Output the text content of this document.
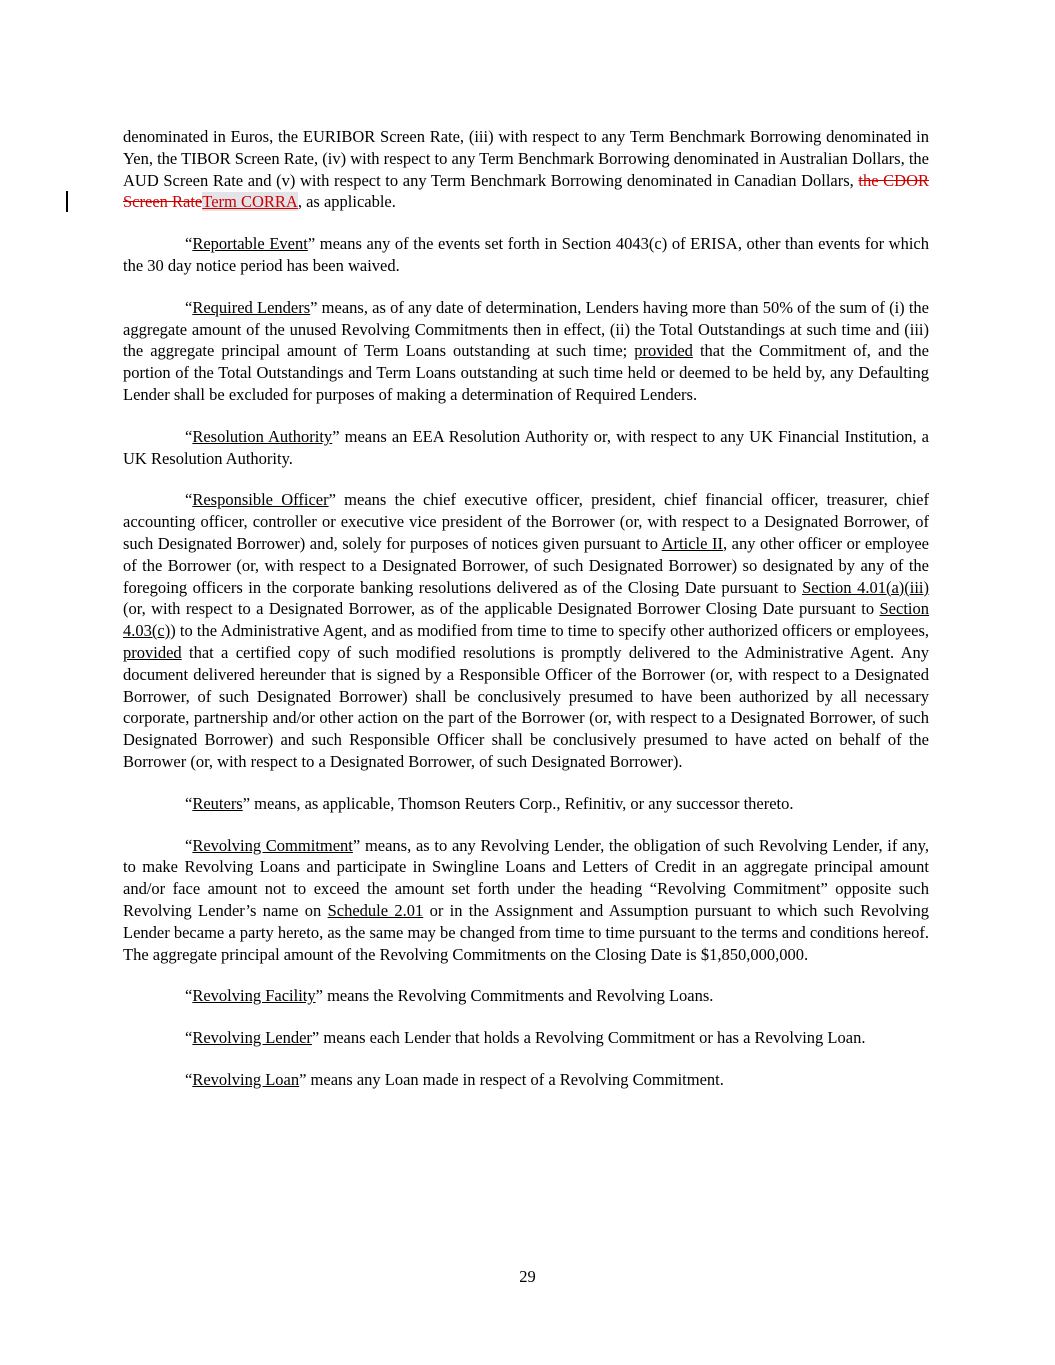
denominated in Euros, the EURIBOR Screen Rate, (iii) with respect to any Term Benchmark Borrowing denominated in Yen, the TIBOR Screen Rate, (iv) with respect to any Term Benchmark Borrowing denominated in Australian Dollars, the AUD Screen Rate and (v) with respect to any Term Benchmark Borrowing denominated in Canadian Dollars, the CDOR Screen RateTerm CORRA, as applicable.

“Reportable Event” means any of the events set forth in Section 4043(c) of ERISA, other than events for which the 30 day notice period has been waived.

“Required Lenders” means, as of any date of determination, Lenders having more than 50% of the sum of (i) the aggregate amount of the unused Revolving Commitments then in effect, (ii) the Total Outstandings at such time and (iii) the aggregate principal amount of Term Loans outstanding at such time; provided that the Commitment of, and the portion of the Total Outstandings and Term Loans outstanding at such time held or deemed to be held by, any Defaulting Lender shall be excluded for purposes of making a determination of Required Lenders.

“Resolution Authority” means an EEA Resolution Authority or, with respect to any UK Financial Institution, a UK Resolution Authority.

“Responsible Officer” means the chief executive officer, president, chief financial officer, treasurer, chief accounting officer, controller or executive vice president of the Borrower (or, with respect to a Designated Borrower, of such Designated Borrower) and, solely for purposes of notices given pursuant to Article II, any other officer or employee of the Borrower (or, with respect to a Designated Borrower, of such Designated Borrower) so designated by any of the foregoing officers in the corporate banking resolutions delivered as of the Closing Date pursuant to Section 4.01(a)(iii) (or, with respect to a Designated Borrower, as of the applicable Designated Borrower Closing Date pursuant to Section 4.03(c)) to the Administrative Agent, and as modified from time to time to specify other authorized officers or employees, provided that a certified copy of such modified resolutions is promptly delivered to the Administrative Agent. Any document delivered hereunder that is signed by a Responsible Officer of the Borrower (or, with respect to a Designated Borrower, of such Designated Borrower) shall be conclusively presumed to have been authorized by all necessary corporate, partnership and/or other action on the part of the Borrower (or, with respect to a Designated Borrower, of such Designated Borrower) and such Responsible Officer shall be conclusively presumed to have acted on behalf of the Borrower (or, with respect to a Designated Borrower, of such Designated Borrower).

“Reuters” means, as applicable, Thomson Reuters Corp., Refinitiv, or any successor thereto.

“Revolving Commitment” means, as to any Revolving Lender, the obligation of such Revolving Lender, if any, to make Revolving Loans and participate in Swingline Loans and Letters of Credit in an aggregate principal amount and/or face amount not to exceed the amount set forth under the heading “Revolving Commitment” opposite such Revolving Lender’s name on Schedule 2.01 or in the Assignment and Assumption pursuant to which such Revolving Lender became a party hereto, as the same may be changed from time to time pursuant to the terms and conditions hereof. The aggregate principal amount of the Revolving Commitments on the Closing Date is $1,850,000,000.

“Revolving Facility” means the Revolving Commitments and Revolving Loans.

“Revolving Lender” means each Lender that holds a Revolving Commitment or has a Revolving Loan.

“Revolving Loan” means any Loan made in respect of a Revolving Commitment.

29
